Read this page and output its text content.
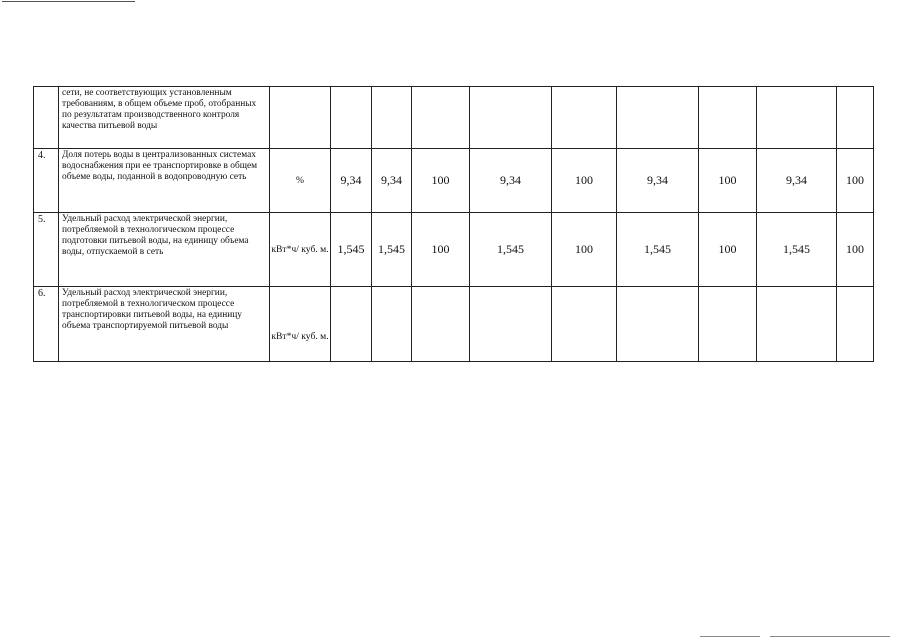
	сети, не соответствующих установленным требованиям, в общем объеме проб, отобранных по результатам производственного контроля качества питьевой воды										
4.	Доля потерь воды в централизованных системах водоснабжения при ее транспортировке в общем объеме воды, поданной в водопроводную сеть	%	9,34	9,34	100	9,34	100	9,34	100	9,34	100
5.	Удельный расход электрической энергии, потребляемой в технологическом процессе подготовки питьевой воды, на единицу объема воды, отпускаемой в сеть	кВт*ч/ куб. м.	1,545	1,545	100	1,545	100	1,545	100	1,545	100
6.	Удельный расход электрической энергии, потребляемой в технологическом процессе транспортировки питьевой воды, на единицу объема транспортируемой питьевой воды	кВт*ч/ куб. м.									
